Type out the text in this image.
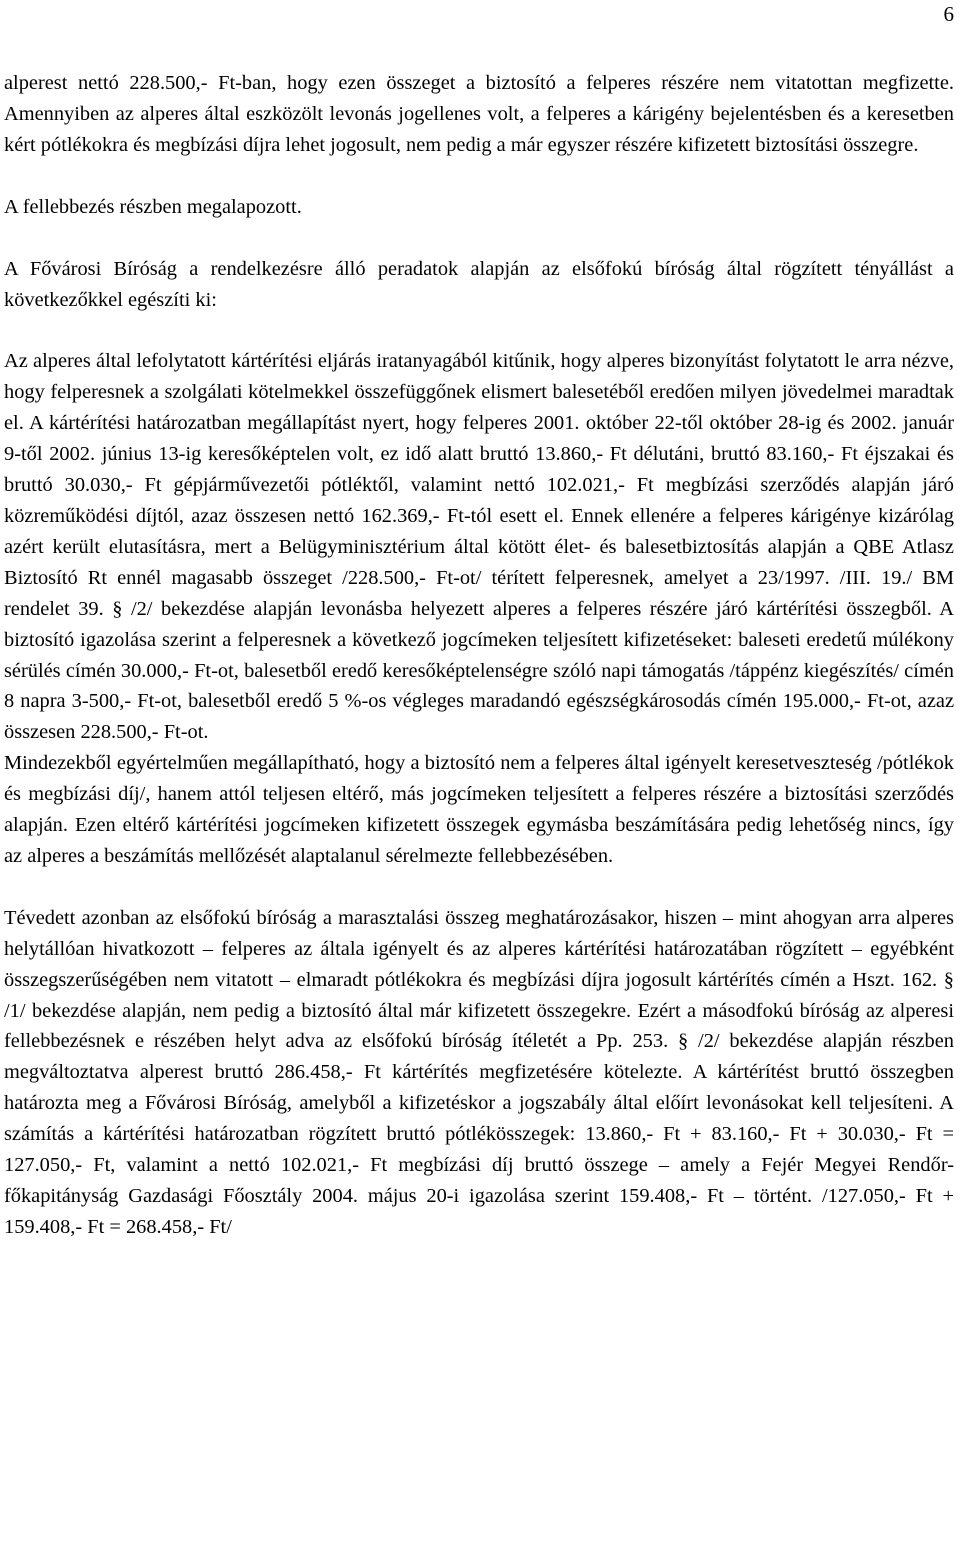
6

alperest nettó 228.500,- Ft-ban, hogy ezen összeget a biztosító a felperes részére nem vitatottan megfizette. Amennyiben az alperes által eszközölt levonás jogellenes volt, a felperes a kárigény bejelentésben és a keresetben kért pótlékokra és megbízási díjra lehet jogosult, nem pedig a már egyszer részére kifizetett biztosítási összegre.

A fellebbezés részben megalapozott.

A Fővárosi Bíróság a rendelkezésre álló peradatok alapján az elsőfokú bíróság által rögzített tényállást a következőkkel egészíti ki:

Az alperes által lefolytatott kártérítési eljárás iratanyagából kitűnik, hogy alperes bizonyítást folytatott le arra nézve, hogy felperesnek a szolgálati kötelmekkel összefüggőnek elismert balesetéből eredően milyen jövedelmei maradtak el. A kártérítési határozatban megállapítást nyert, hogy felperes 2001. október 22-től október 28-ig és 2002. január 9-től 2002. június 13-ig keresőképtelen volt, ez idő alatt bruttó 13.860,- Ft délutáni, bruttó 83.160,- Ft éjszakai és bruttó 30.030,- Ft gépjárművezetői pótléktől, valamint nettó 102.021,- Ft megbízási szerződés alapján járó közreműködési díjtól, azaz összesen nettó 162.369,- Ft-tól esett el. Ennek ellenére a felperes kárigénye kizárólag azért került elutasításra, mert a Belügyminisztérium által kötött élet- és balesetbiztosítás alapján a QBE Atlasz Biztosító Rt ennél magasabb összeget /228.500,- Ft-ot/ térített felperesnek, amelyet a 23/1997. /III. 19./ BM rendelet 39. § /2/ bekezdése alapján levonásba helyezett alperes a felperes részére járó kártérítési összegből. A biztosító igazolása szerint a felperesnek a következő jogcímeken teljesített kifizetéseket: baleseti eredetű múlékony sérülés címén 30.000,- Ft-ot, balesetből eredő keresőképtelenségre szóló napi támogatás /táppénz kiegészítés/ címén 8 napra 3-500,- Ft-ot, balesetből eredő 5 %-os végleges maradandó egészségkárosodás címén 195.000,- Ft-ot, azaz összesen 228.500,- Ft-ot.

Mindezekből egyértelműen megállapítható, hogy a biztosító nem a felperes által igényelt keresetveszteség /pótlékok és megbízási díj/, hanem attól teljesen eltérő, más jogcímeken teljesített a felperes részére a biztosítási szerződés alapján. Ezen eltérő kártérítési jogcímeken kifizetett összegek egymásba beszámítására pedig lehetőség nincs, így az alperes a beszámítás mellőzését alaptalanul sérelmezte fellebbezésében.

Tévedett azonban az elsőfokú bíróság a marasztalási összeg meghatározásakor, hiszen – mint ahogyan arra alperes helytállóan hivatkozott – felperes az általa igényelt és az alperes kártérítési határozatában rögzített – egyébként összegszerűségében nem vitatott – elmaradt pótlékokra és megbízási díjra jogosult kártérítés címén a Hszt. 162. § /1/ bekezdése alapján, nem pedig a biztosító által már kifizetett összegekre. Ezért a másodfokú bíróság az alperesi fellebbezésnek e részében helyt adva az elsőfokú bíróság ítéletét a Pp. 253. § /2/ bekezdése alapján részben megváltoztatva alperest bruttó 286.458,- Ft kártérítés megfizetésére kötelezte. A kártérítést bruttó összegben határozta meg a Fővárosi Bíróság, amelyből a kifizetéskor a jogszabály által előírt levonásokat kell teljesíteni. A számítás a kártérítési határozatban rögzített bruttó pótlékösszegek: 13.860,- Ft + 83.160,- Ft + 30.030,- Ft = 127.050,- Ft, valamint a nettó 102.021,- Ft megbízási díj bruttó összege – amely a Fejér Megyei Rendőr-főkapitányság Gazdasági Főosztály 2004. május 20-i igazolása szerint 159.408,- Ft – történt. /127.050,- Ft + 159.408,- Ft = 268.458,- Ft/
